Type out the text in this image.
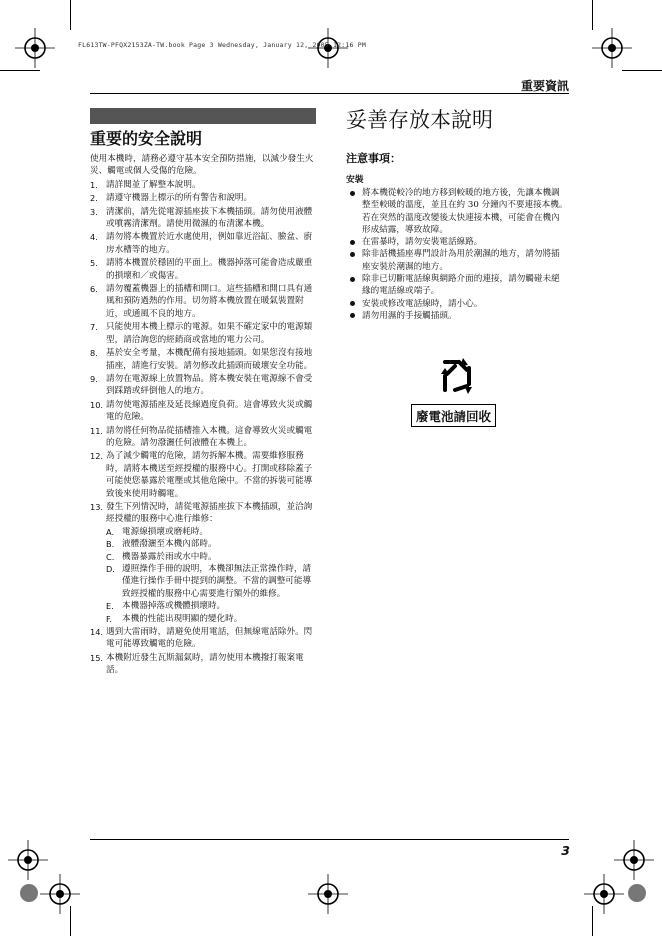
FL613TW-PFQX2153ZA-TW.book Page 3 Wednesday, January 12, 2005 12:16 PM
重要資訊
重要的安全說明

使用本機時，請務必遵守基本安全預防措施，以減少發生火災、觸電或個人受傷的危險。

1. 請詳閱並了解整本說明。
2. 請遵守機器上標示的所有警告和說明。
3. 清潔前，請先從電源插座拔下本機插頭。請勿使用液體或噴霧清潔劑。請使用微濕的布清潔本機。
4. 請勿將本機置於近水處使用，例如靠近浴缸、臉盆、廚房水槽等的地方。
5. 請將本機置於穩固的平面上。機器掉落可能會造成嚴重的損壞和／或傷害。
6. 請勿覆蓋機器上的插槽和開口。這些插槽和開口具有通風和預防過熱的作用。切勿將本機放置在暖氣裝置附近，或通風不良的地方。
7. 只能使用本機上標示的電源。如果不確定家中的電源類型，請洽詢您的經銷商或當地的電力公司。
8. 基於安全考量，本機配備有接地插頭。如果您沒有接地插座，請進行安裝。請勿修改此插頭而破壞安全功能。
9. 請勿在電源線上放置物品。將本機安裝在電源線不會受到踩踏或絆倒他人的地方。
10. 請勿使電源插座及延長線過度負荷。這會導致火災或觸電的危險。
11. 請勿將任何物品從插槽推入本機。這會導致火災或觸電的危險。請勿潑灑任何液體在本機上。
12. 為了減少觸電的危險，請勿拆解本機。需要維修服務時，請將本機送至經授權的服務中心。打開或移除蓋子可能使您暴露於電壓或其他危險中。不當的拆裝可能導致後來使用時觸電。
13. 發生下列情況時，請從電源插座拔下本機插頭，並洽詢經授權的服務中心進行維修：
A. 電源線損壞或磨耗時。
B. 液體潑灑至本機內部時。
C. 機器暴露於雨或水中時。
D. 遵照操作手冊的說明，本機卻無法正常操作時，請僅進行操作手冊中提到的調整。不當的調整可能導致經授權的服務中心需要進行額外的維修。
E. 本機器掉落或機體損壞時。
F. 本機的性能出現明顯的變化時。
14. 遇到大雷雨時，請避免使用電話，但無線電話除外。閃電可能導致觸電的危險。
15. 本機附近發生瓦斯漏氣時，請勿使用本機撥打報案電話。
妥善存放本說明
注意事項：
安裝
將本機從較冷的地方移到較暖的地方後，先讓本機調整至較暖的溫度，並且在約 30 分鐘內不要連接本機。若在突然的溫度改變後太快連接本機，可能會在機內形成結露，導致故障。
在雷暴時，請勿安裝電話線路。
除非話機插座專門設計為用於潮濕的地方，請勿將插座安裝於潮濕的地方。
除非已切斷電話線與網路介面的連接，請勿觸碰未絕緣的電話線或端子。
安裝或修改電話線時，請小心。
請勿用濕的手接觸插頭。
廢電池請回收
3
